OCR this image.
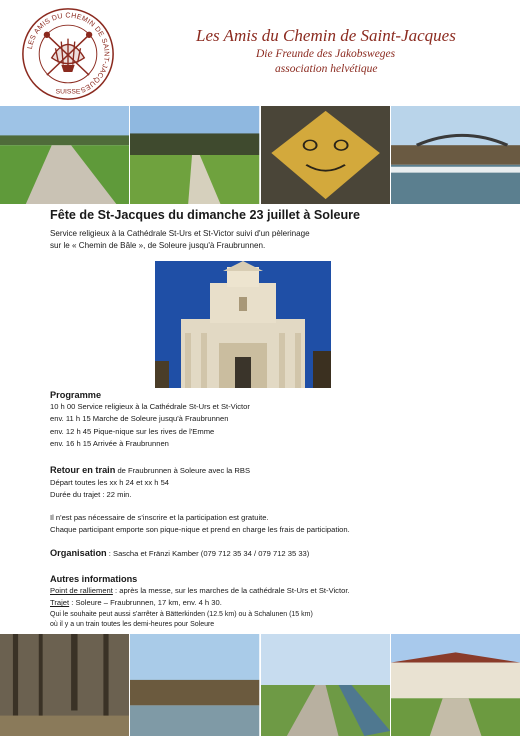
LES AMIS DU CHEMIN DE SAINT-JACQUES
SUISSE
Les Amis du Chemin de Saint-Jacques
Die Freunde des Jakobsweges
association helvétique
Fête de St-Jacques du dimanche 23 juillet à Soleure
Service religieux à la Cathédrale St-Urs et St-Victor suivi d'un pèlerinage
sur le « Chemin de Bâle », de Soleure jusqu'à Fraubrunnen.
Programme
10 h 00 Service religieux à la Cathédrale St-Urs et St-Victor
env. 11 h 15 Marche de Soleure jusqu'à Fraubrunnen
env. 12 h 45 Pique-nique sur les rives de l'Emme
env. 16 h 15 Arrivée à Fraubrunnen
Retour en train de Fraubrunnen à Soleure avec la RBS
Départ toutes les xx h 24 et xx h 54
Durée du trajet : 22 min.
Il n'est pas nécessaire de s'inscrire et la participation est gratuite.
Chaque participant emporte son pique-nique et prend en charge les frais de participation.
Organisation : Sascha et Fränzi Kamber (079 712 35 34 / 079 712 35 33)
Autres informations
Point de ralliement : après la messe, sur les marches de la cathédrale St-Urs et St-Victor.
Trajet : Soleure – Fraubrunnen, 17 km, env. 4 h 30.
Qui le souhaite peut aussi s'arrêter à Bätterkinden (12.5 km) ou à Schalunen (15 km)
où il y a un train toutes les demi-heures pour Soleure
